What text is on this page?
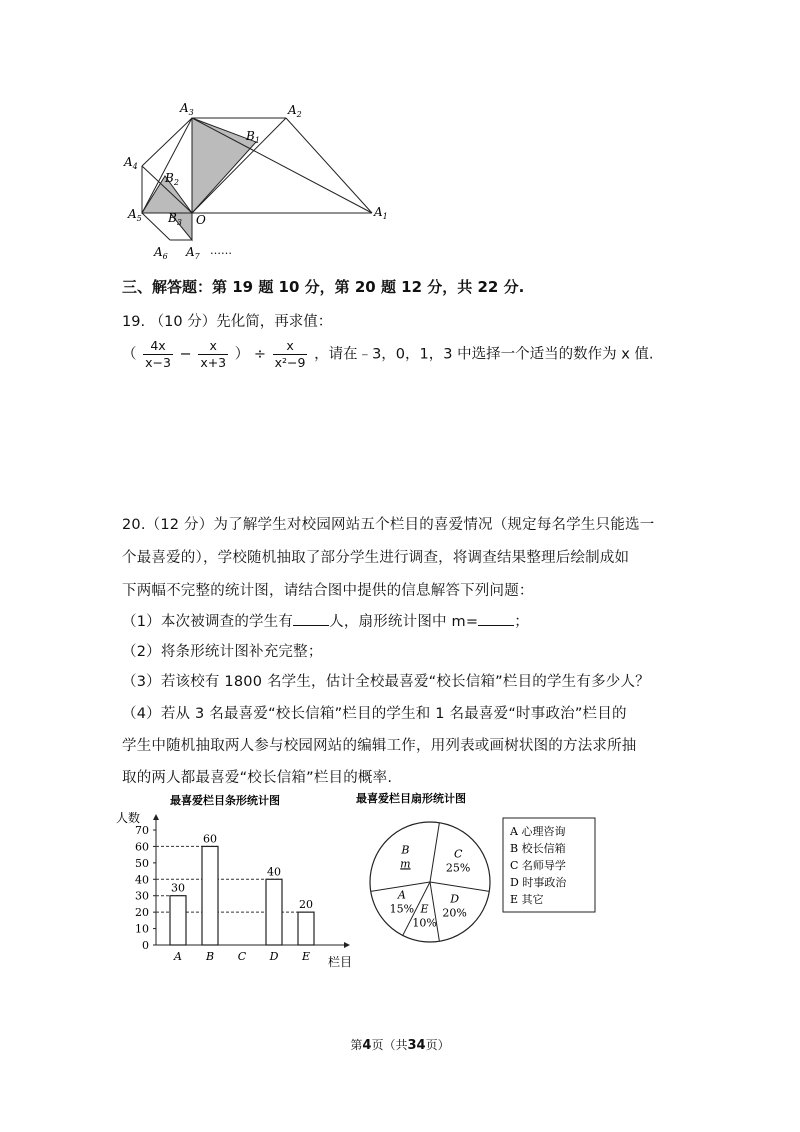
$A_3$	$A_2$
$B_1$
$A_4$
$B_2$
$A_5$ $B_3$ O
$A_1$
$A_6$ $A_7$ ……
三、解答题：第 19 题 10 分，第 20 题 12 分，共 22 分.
19. （10 分）先化简，再求值：
（ $\frac{4x}{x-3} - \frac{x}{x+3}$ ） ÷ $\frac{x}{\text{x²−9}}$ ，请在﹣3，0，1，3 中选择一个适当的数作为 x 值.
20.（12 分）为了解学生对校园网站五个栏目的喜爱情况（规定每名学生只能选一
个最喜爱的），学校随机抽取了部分学生进行调查，将调查结果整理后绘制成如
下两幅不完整的统计图，请结合图中提供的信息解答下列问题：
（1）本次被调查的学生有 人，扇形统计图中 m= ；
（2）将条形统计图补充完整；
（3）若该校有 1800 名学生，估计全校最喜爱“校长信箱”栏目的学生有多少人？
（4）若从 3 名最喜爱“校长信箱”栏目的学生和 1 名最喜爱“时事政治”栏目的
学生中随机抽取两人参与校园网站的编辑工作，用列表或画树状图的方法求所抽
取的两人都最喜爱“校长信箱”栏目的概率.
最喜爱栏目条形统计图
人数
栏目
0
10
20
30
40
50
60
70
30
A
60
B C
40
D
20
E
最喜爱栏目扇形统计图
A
15%
B
m
C
25%
D
20%
E
10%
A 心理咨询
B 校长信箱
C 名师导学
D 时事政治
E 其它
第4页（共34页）
